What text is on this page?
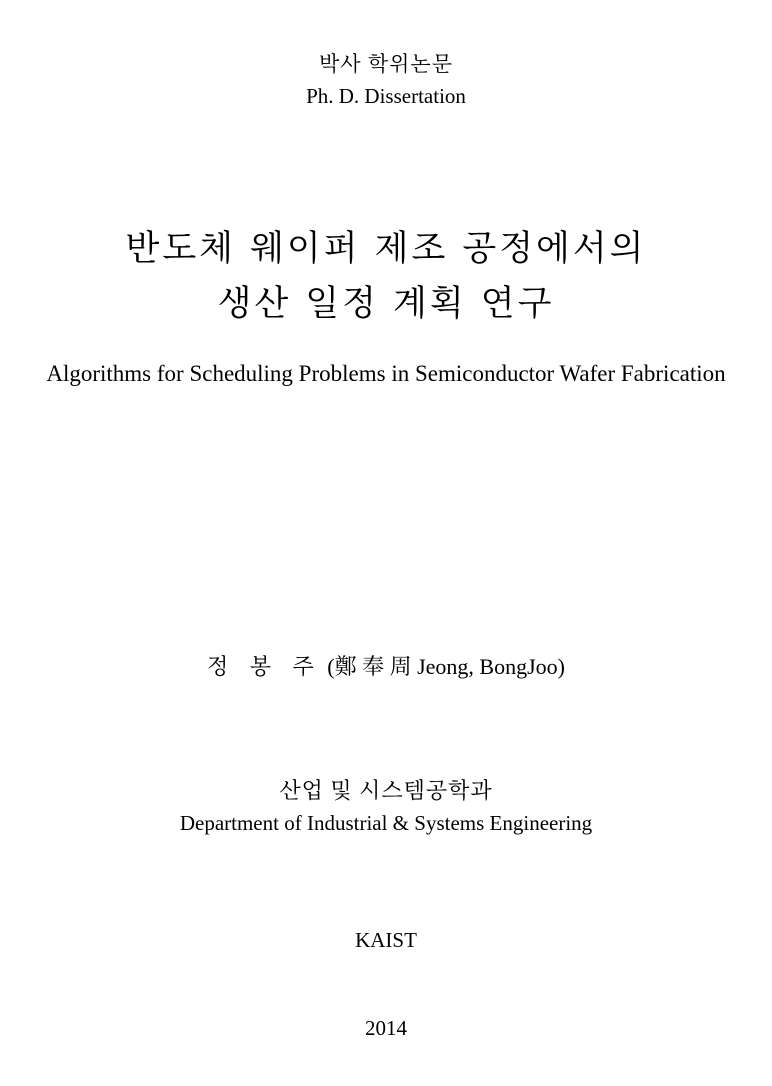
박사 학위논문
Ph. D. Dissertation
반도체 웨이퍼 제조 공정에서의
생산 일정 계획 연구
Algorithms for Scheduling Problems in Semiconductor Wafer Fabrication
정 봉 주 (鄭 奉 周 Jeong, BongJoo)
산업 및 시스템공학과
Department of Industrial & Systems Engineering
KAIST
2014
